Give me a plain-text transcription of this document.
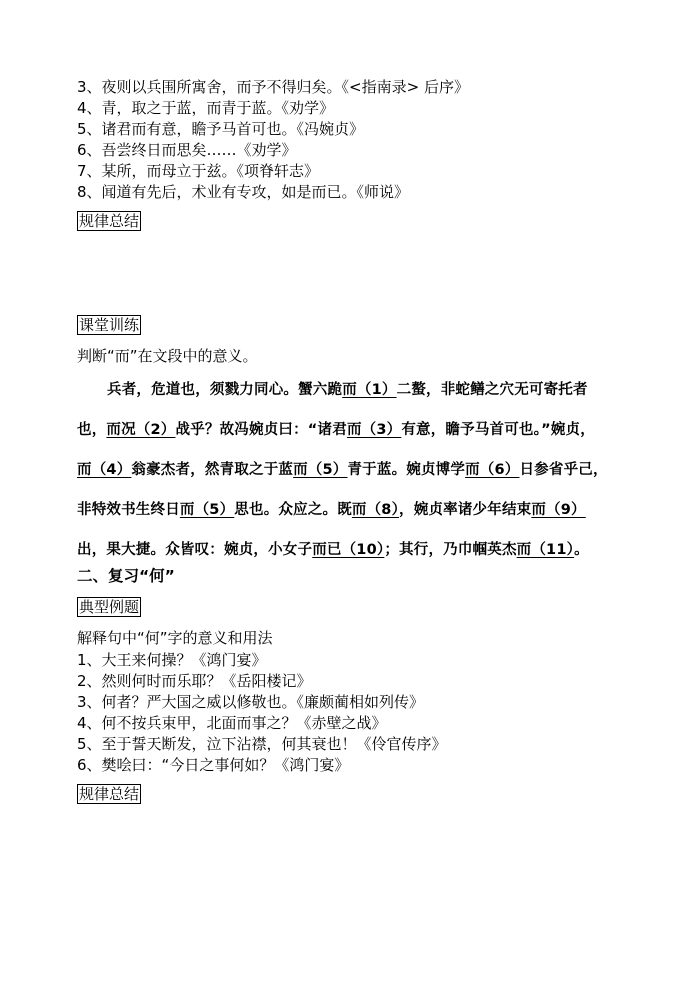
3、夜则以兵围所寓舍，而予不得归矣。《<指南录> 后序》
4、青，取之于蓝，而青于蓝。《劝学》
5、诸君而有意，瞻予马首可也。《冯婉贞》
6、吾尝终日而思矣……《劝学》
7、某所，而母立于兹。《项脊轩志》
8、闻道有先后，术业有专攻，如是而已。《师说》
规律总结
课堂训练
判断“而”在文段中的意义。
兵者，危道也，须戮力同心。蟹六跪而（1）二螯，非蛇鳝之穴无可寄托者
也，而况（2）战乎？故冯婉贞曰：“诸君而（3）有意，瞻予马首可也。”婉贞，
而（4）翁豪杰者，然青取之于蓝而（5）青于蓝。婉贞博学而（6）日参省乎己，
非特效书生终日而（5）思也。众应之。既而（8），婉贞率诸少年结束而（9）
出，果大捷。众皆叹：婉贞，小女子而已（10）；其行，乃巾帼英杰而（11）。
二、复习“何”
典型例题
解释句中“何”字的意义和用法
1、大王来何操？《鸿门宴》
2、然则何时而乐耶？《岳阳楼记》
3、何者？严大国之威以修敬也。《廉颇蔺相如列传》
4、何不按兵束甲，北面而事之？《赤壁之战》
5、至于誓天断发，泣下沾襟，何其衰也！《伶官传序》
6、樊哙曰：“今日之事何如？《鸿门宴》
规律总结
